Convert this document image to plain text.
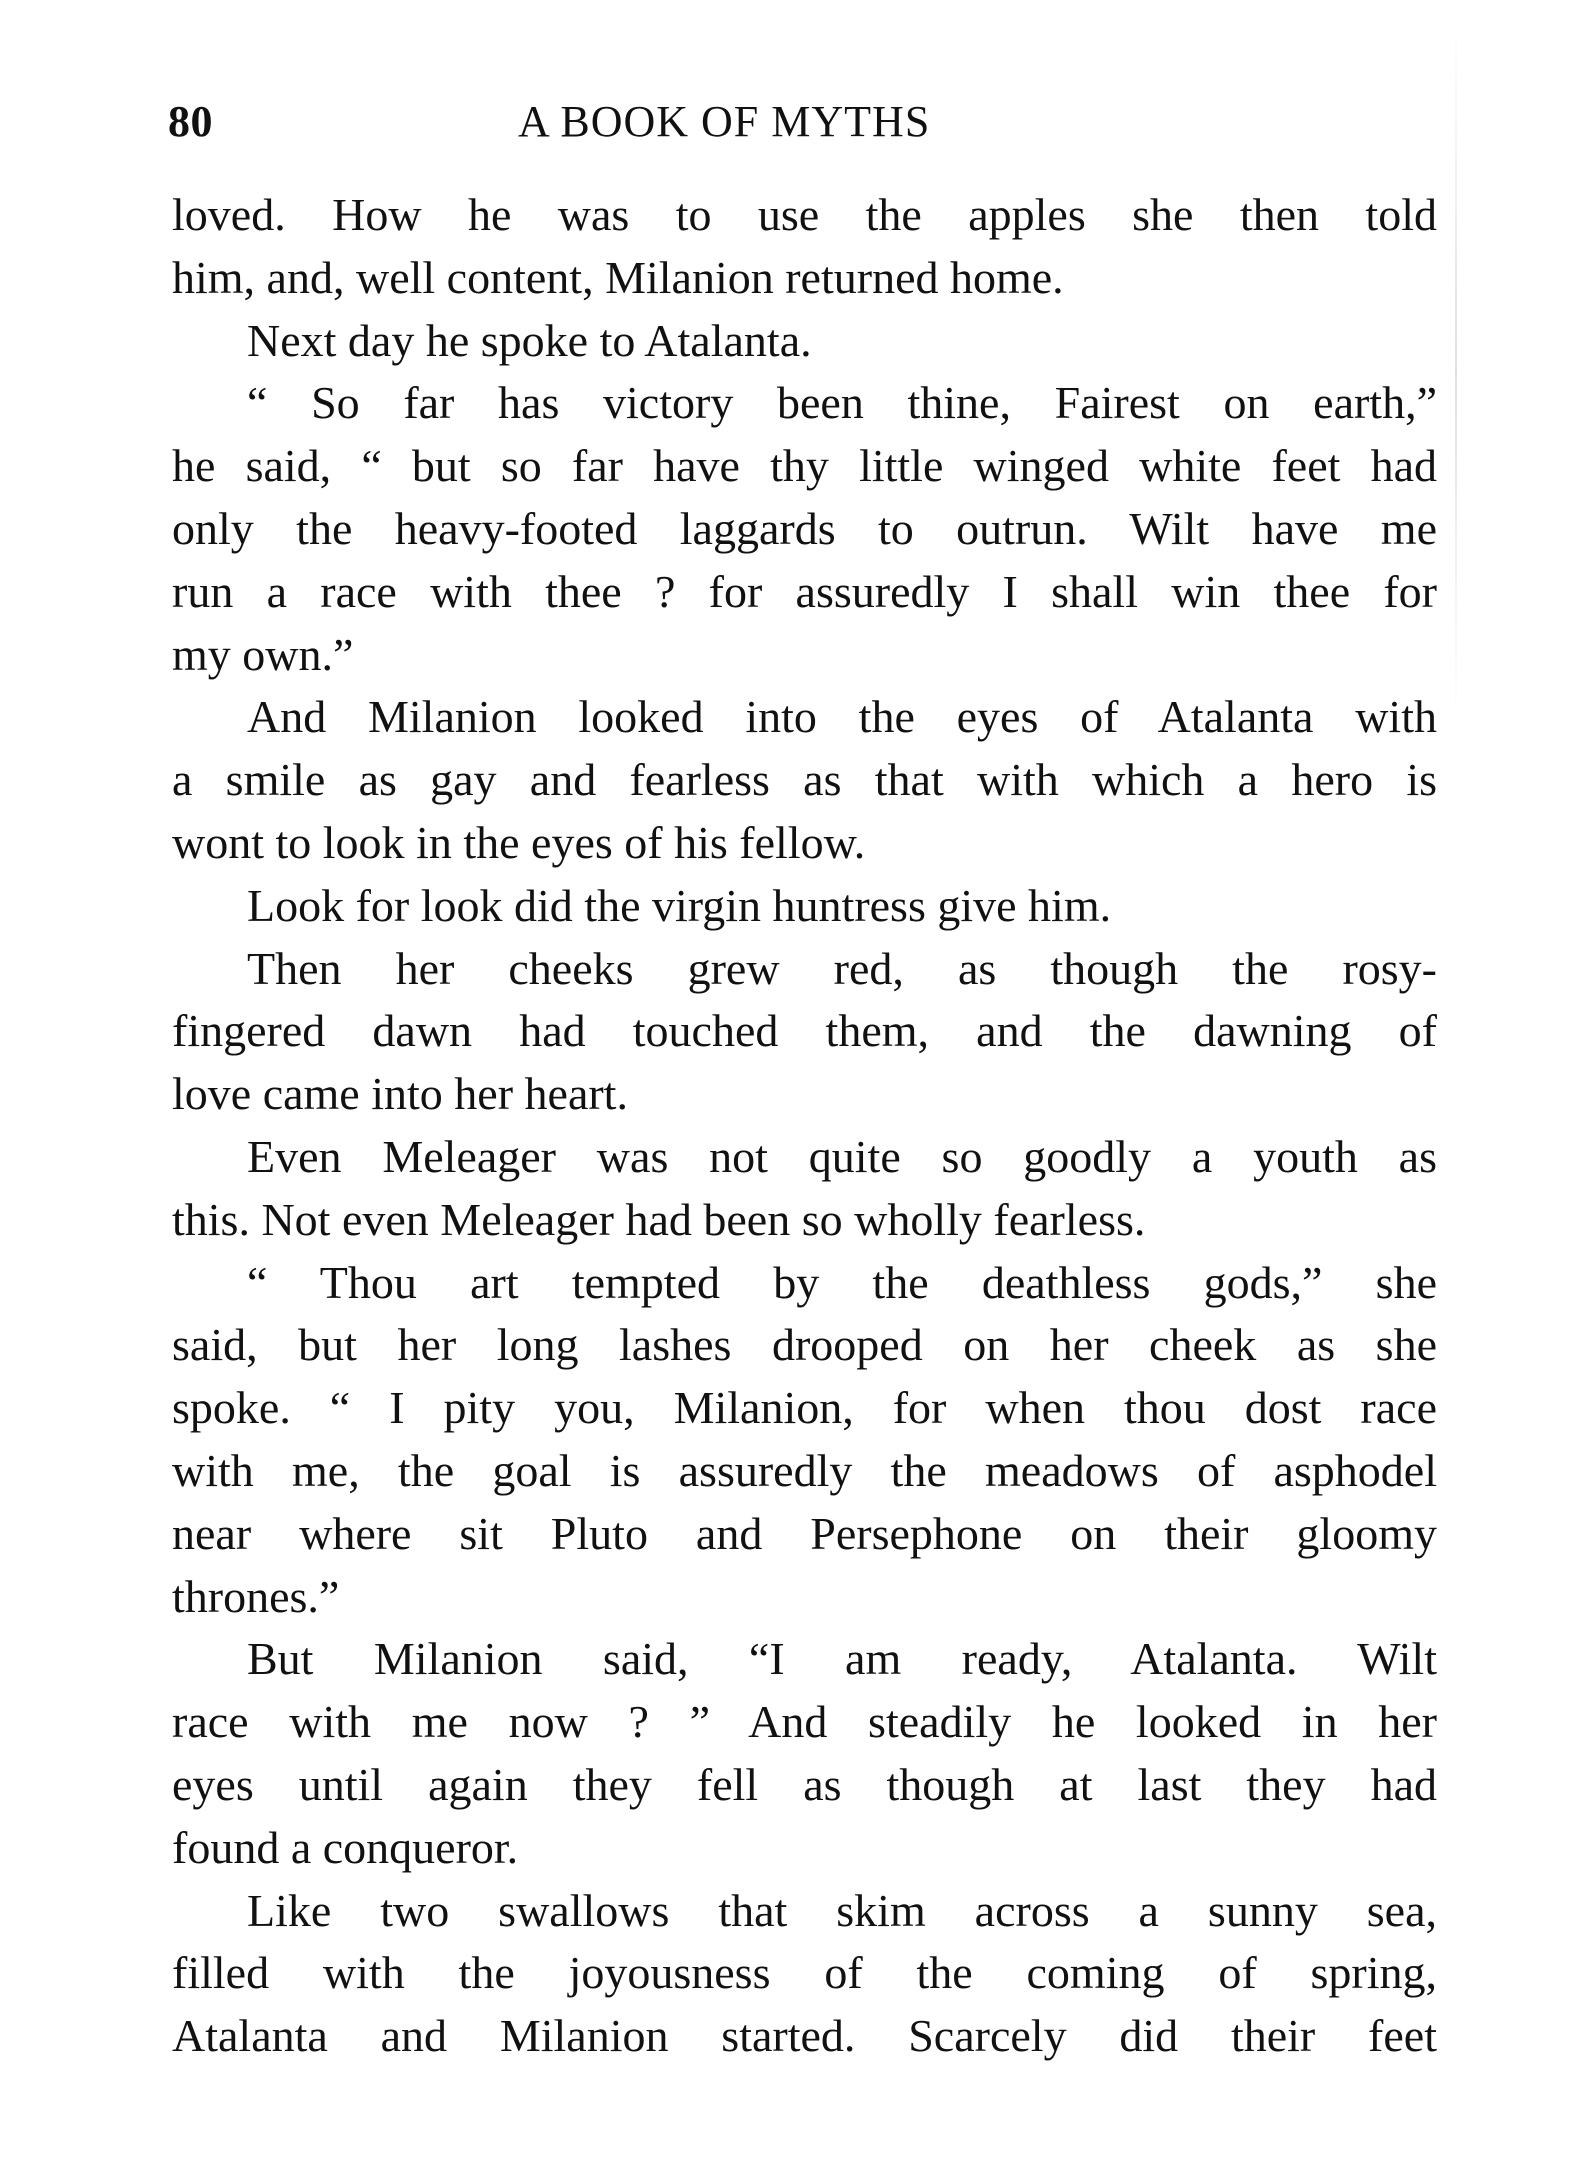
80	A BOOK OF MYTHS
loved. How he was to use the apples she then told
him, and, well content, Milanion returned home.
Next day he spoke to Atalanta.
“ So far has victory been thine, Fairest on earth,”
he said, “ but so far have thy little winged white feet had
only the heavy-footed laggards to outrun. Wilt have me
run a race with thee ? for assuredly I shall win thee for
my own.”
And Milanion looked into the eyes of Atalanta with
a smile as gay and fearless as that with which a hero is
wont to look in the eyes of his fellow.
Look for look did the virgin huntress give him.
Then her cheeks grew red, as though the rosy-
fingered dawn had touched them, and the dawning of
love came into her heart.
Even Meleager was not quite so goodly a youth as
this. Not even Meleager had been so wholly fearless.
“ Thou art tempted by the deathless gods,” she
said, but her long lashes drooped on her cheek as she
spoke. “ I pity you, Milanion, for when thou dost race
with me, the goal is assuredly the meadows of asphodel
near where sit Pluto and Persephone on their gloomy
thrones.”
But Milanion said, “I am ready, Atalanta. Wilt
race with me now ? ” And steadily he looked in her
eyes until again they fell as though at last they had
found a conqueror.
Like two swallows that skim across a sunny sea,
filled with the joyousness of the coming of spring,
Atalanta and Milanion started. Scarcely did their feet
